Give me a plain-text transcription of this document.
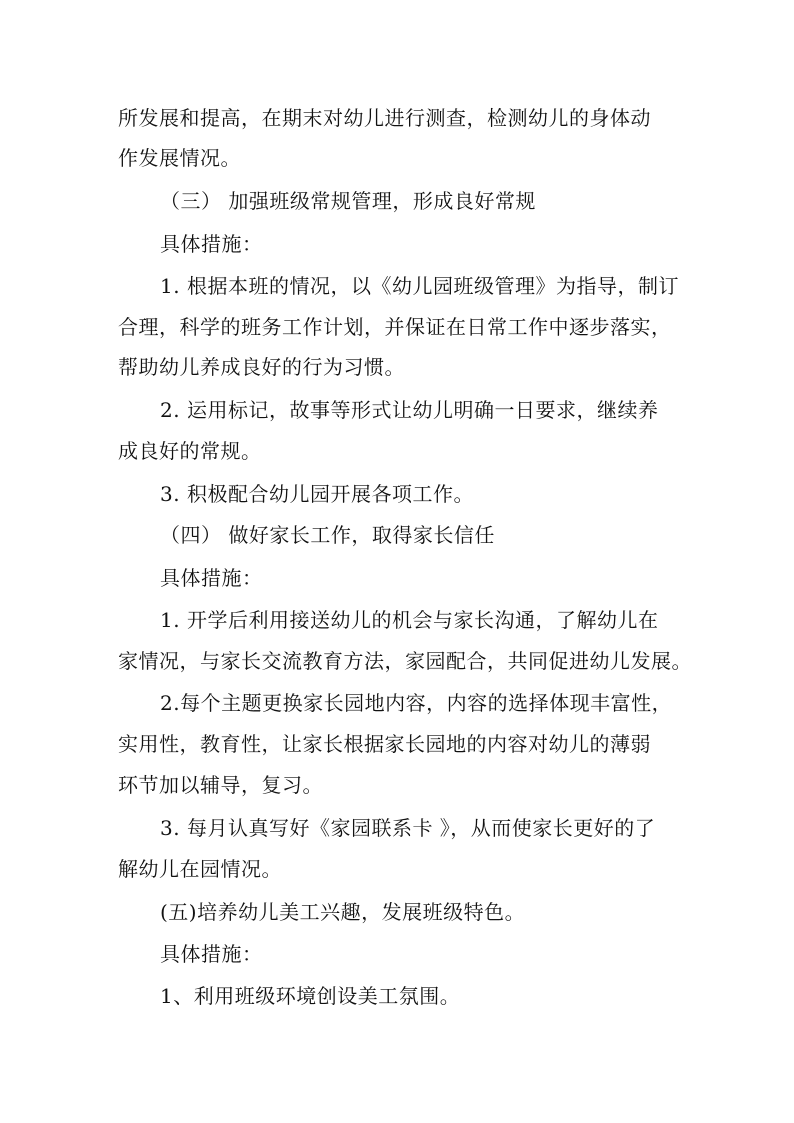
所发展和提高，在期末对幼儿进行测查，检测幼儿的身体动
作发展情况。
（三） 加强班级常规管理，形成良好常规
具体措施：
1. 根据本班的情况，以《幼儿园班级管理》为指导，制订
合理，科学的班务工作计划，并保证在日常工作中逐步落实，
帮助幼儿养成良好的行为习惯。
2. 运用标记，故事等形式让幼儿明确一日要求，继续养
成良好的常规。
3. 积极配合幼儿园开展各项工作。
（四） 做好家长工作，取得家长信任
具体措施：
1. 开学后利用接送幼儿的机会与家长沟通，了解幼儿在
家情况，与家长交流教育方法，家园配合，共同促进幼儿发展。
2.每个主题更换家长园地内容，内容的选择体现丰富性，
实用性，教育性，让家长根据家长园地的内容对幼儿的薄弱
环节加以辅导，复习。
3. 每月认真写好《家园联系卡 》，从而使家长更好的了
解幼儿在园情况。
(五)培养幼儿美工兴趣，发展班级特色。
具体措施：
1、利用班级环境创设美工氛围。
